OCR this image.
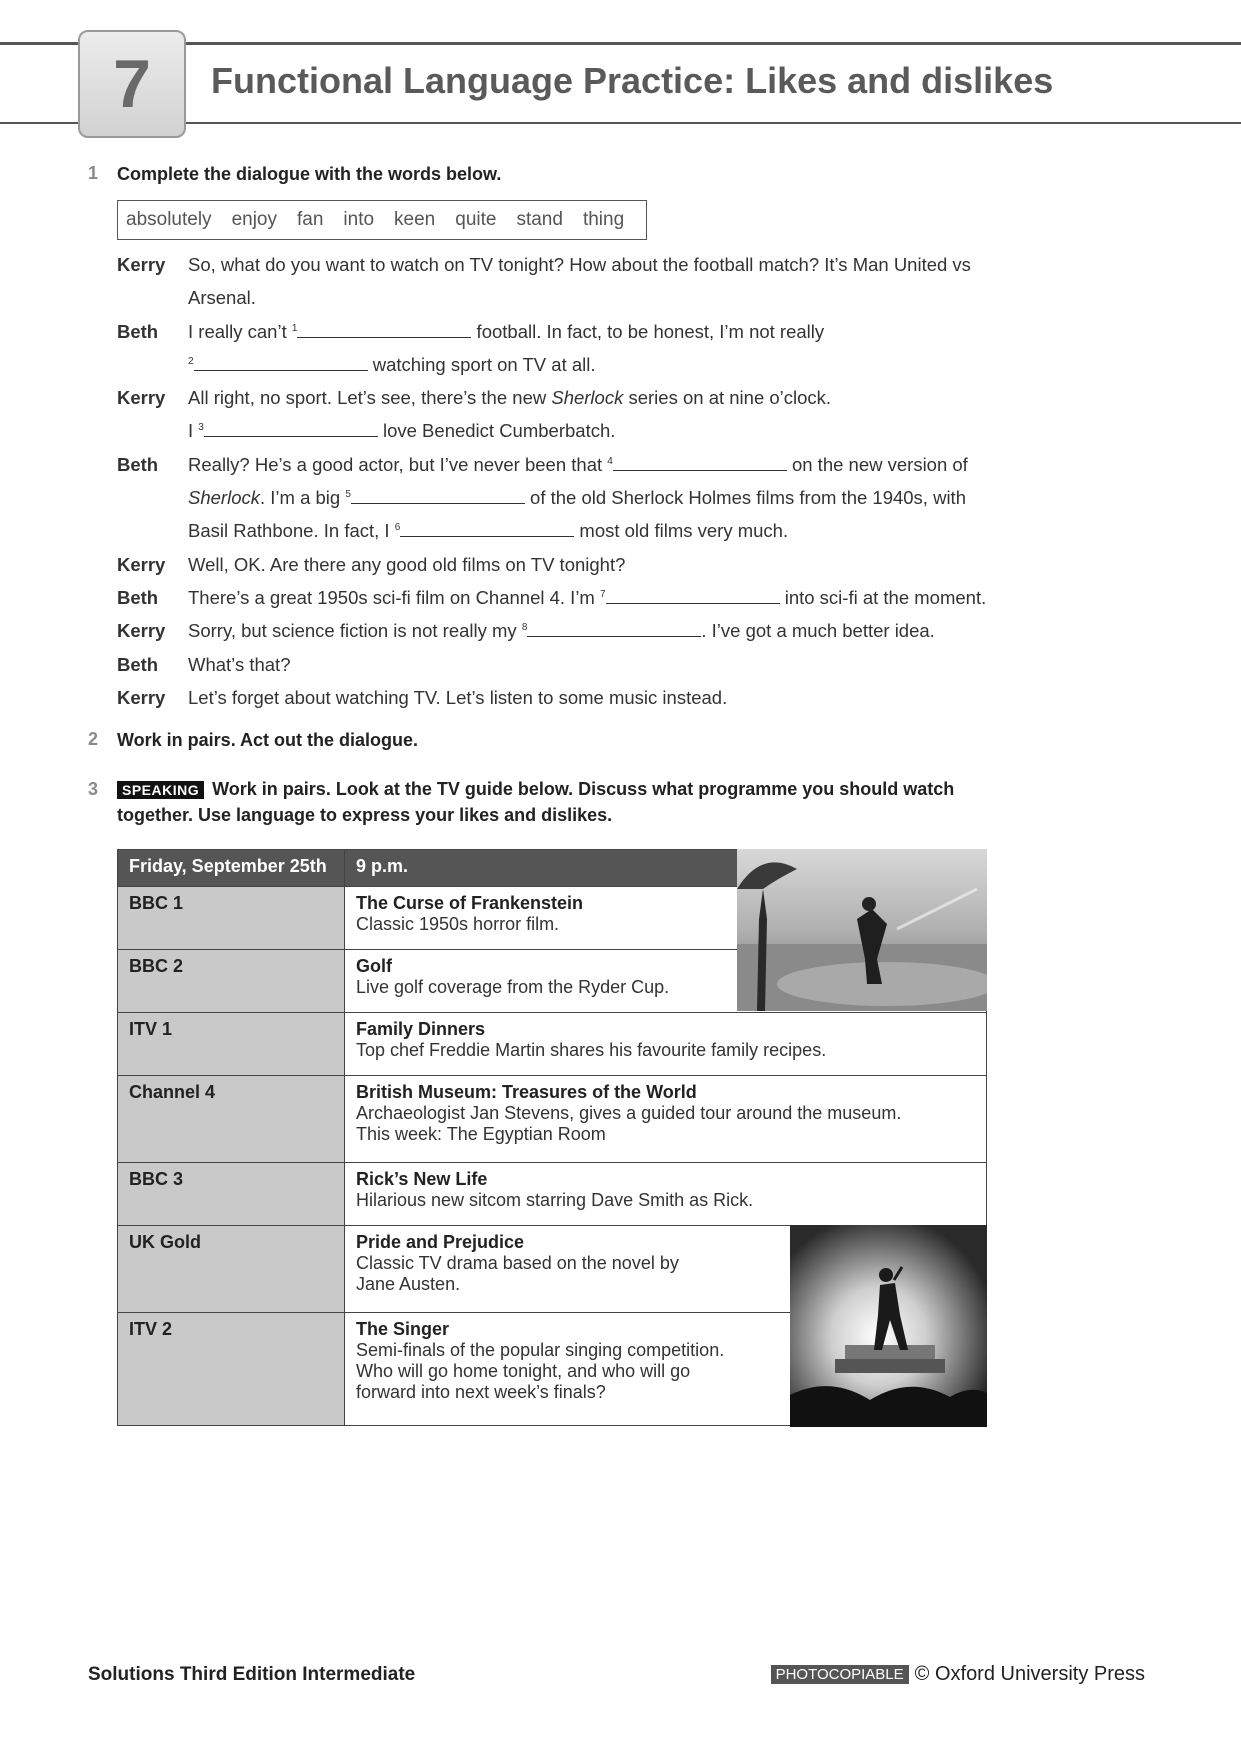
7 Functional Language Practice: Likes and dislikes
1 Complete the dialogue with the words below.
absolutely enjoy fan into keen quite stand thing
Kerry So, what do you want to watch on TV tonight? How about the football match? It’s Man United vs
Arsenal.
Beth I really can’t $^1$	football. In fact, to be honest, I’m not really
$^2$	watching sport on TV at all.
Kerry All right, no sport. Let’s see, there’s the new Sherlock series on at nine o’clock.
I $^3$	love Benedict Cumberbatch.
Beth Really? He’s a good actor, but I’ve never been that $^4$	on the new version of
Sherlock. I’m a big $^5$	of the old Sherlock Holmes films from the 1940s, with
Basil Rathbone. In fact, I $^6$	most old films very much.
Kerry Well, OK. Are there any good old films on TV tonight?
Beth There’s a great 1950s sci-fi film on Channel 4. I’m $^7$	into sci-fi at the moment.
Kerry Sorry, but science fiction is not really my $^8$	. I’ve got a much better idea.
Beth What’s that?
Kerry Let’s forget about watching TV. Let’s listen to some music instead.
2 Work in pairs. Act out the dialogue.
3	SPEAKING Work in pairs. Look at the TV guide below. Discuss what programme you should watch
together. Use language to express your likes and dislikes.
Friday, September 25th	9 p.m.
BBC 1	The Curse of Frankenstein
Classic 1950s horror film.

BBC 2	Golf
Live golf coverage from the Ryder Cup.

ITV 1	Family Dinners
Top chef Freddie Martin shares his favourite family recipes.

Channel 4	British Museum: Treasures of the World
Archaeologist Jan Stevens, gives a guided tour around the museum.
This week: The Egyptian Room

BBC 3	Rick’s New Life
Hilarious new sitcom starring Dave Smith as Rick.

UK Gold	Pride and Prejudice
Classic TV drama based on the novel by
Jane Austen.

ITV 2	The Singer
Semi-finals of the popular singing competition.
Who will go home tonight, and who will go
forward into next week’s finals?
Solutions Third Edition Intermediate	PHOTOCOPIABLE © Oxford University Press
